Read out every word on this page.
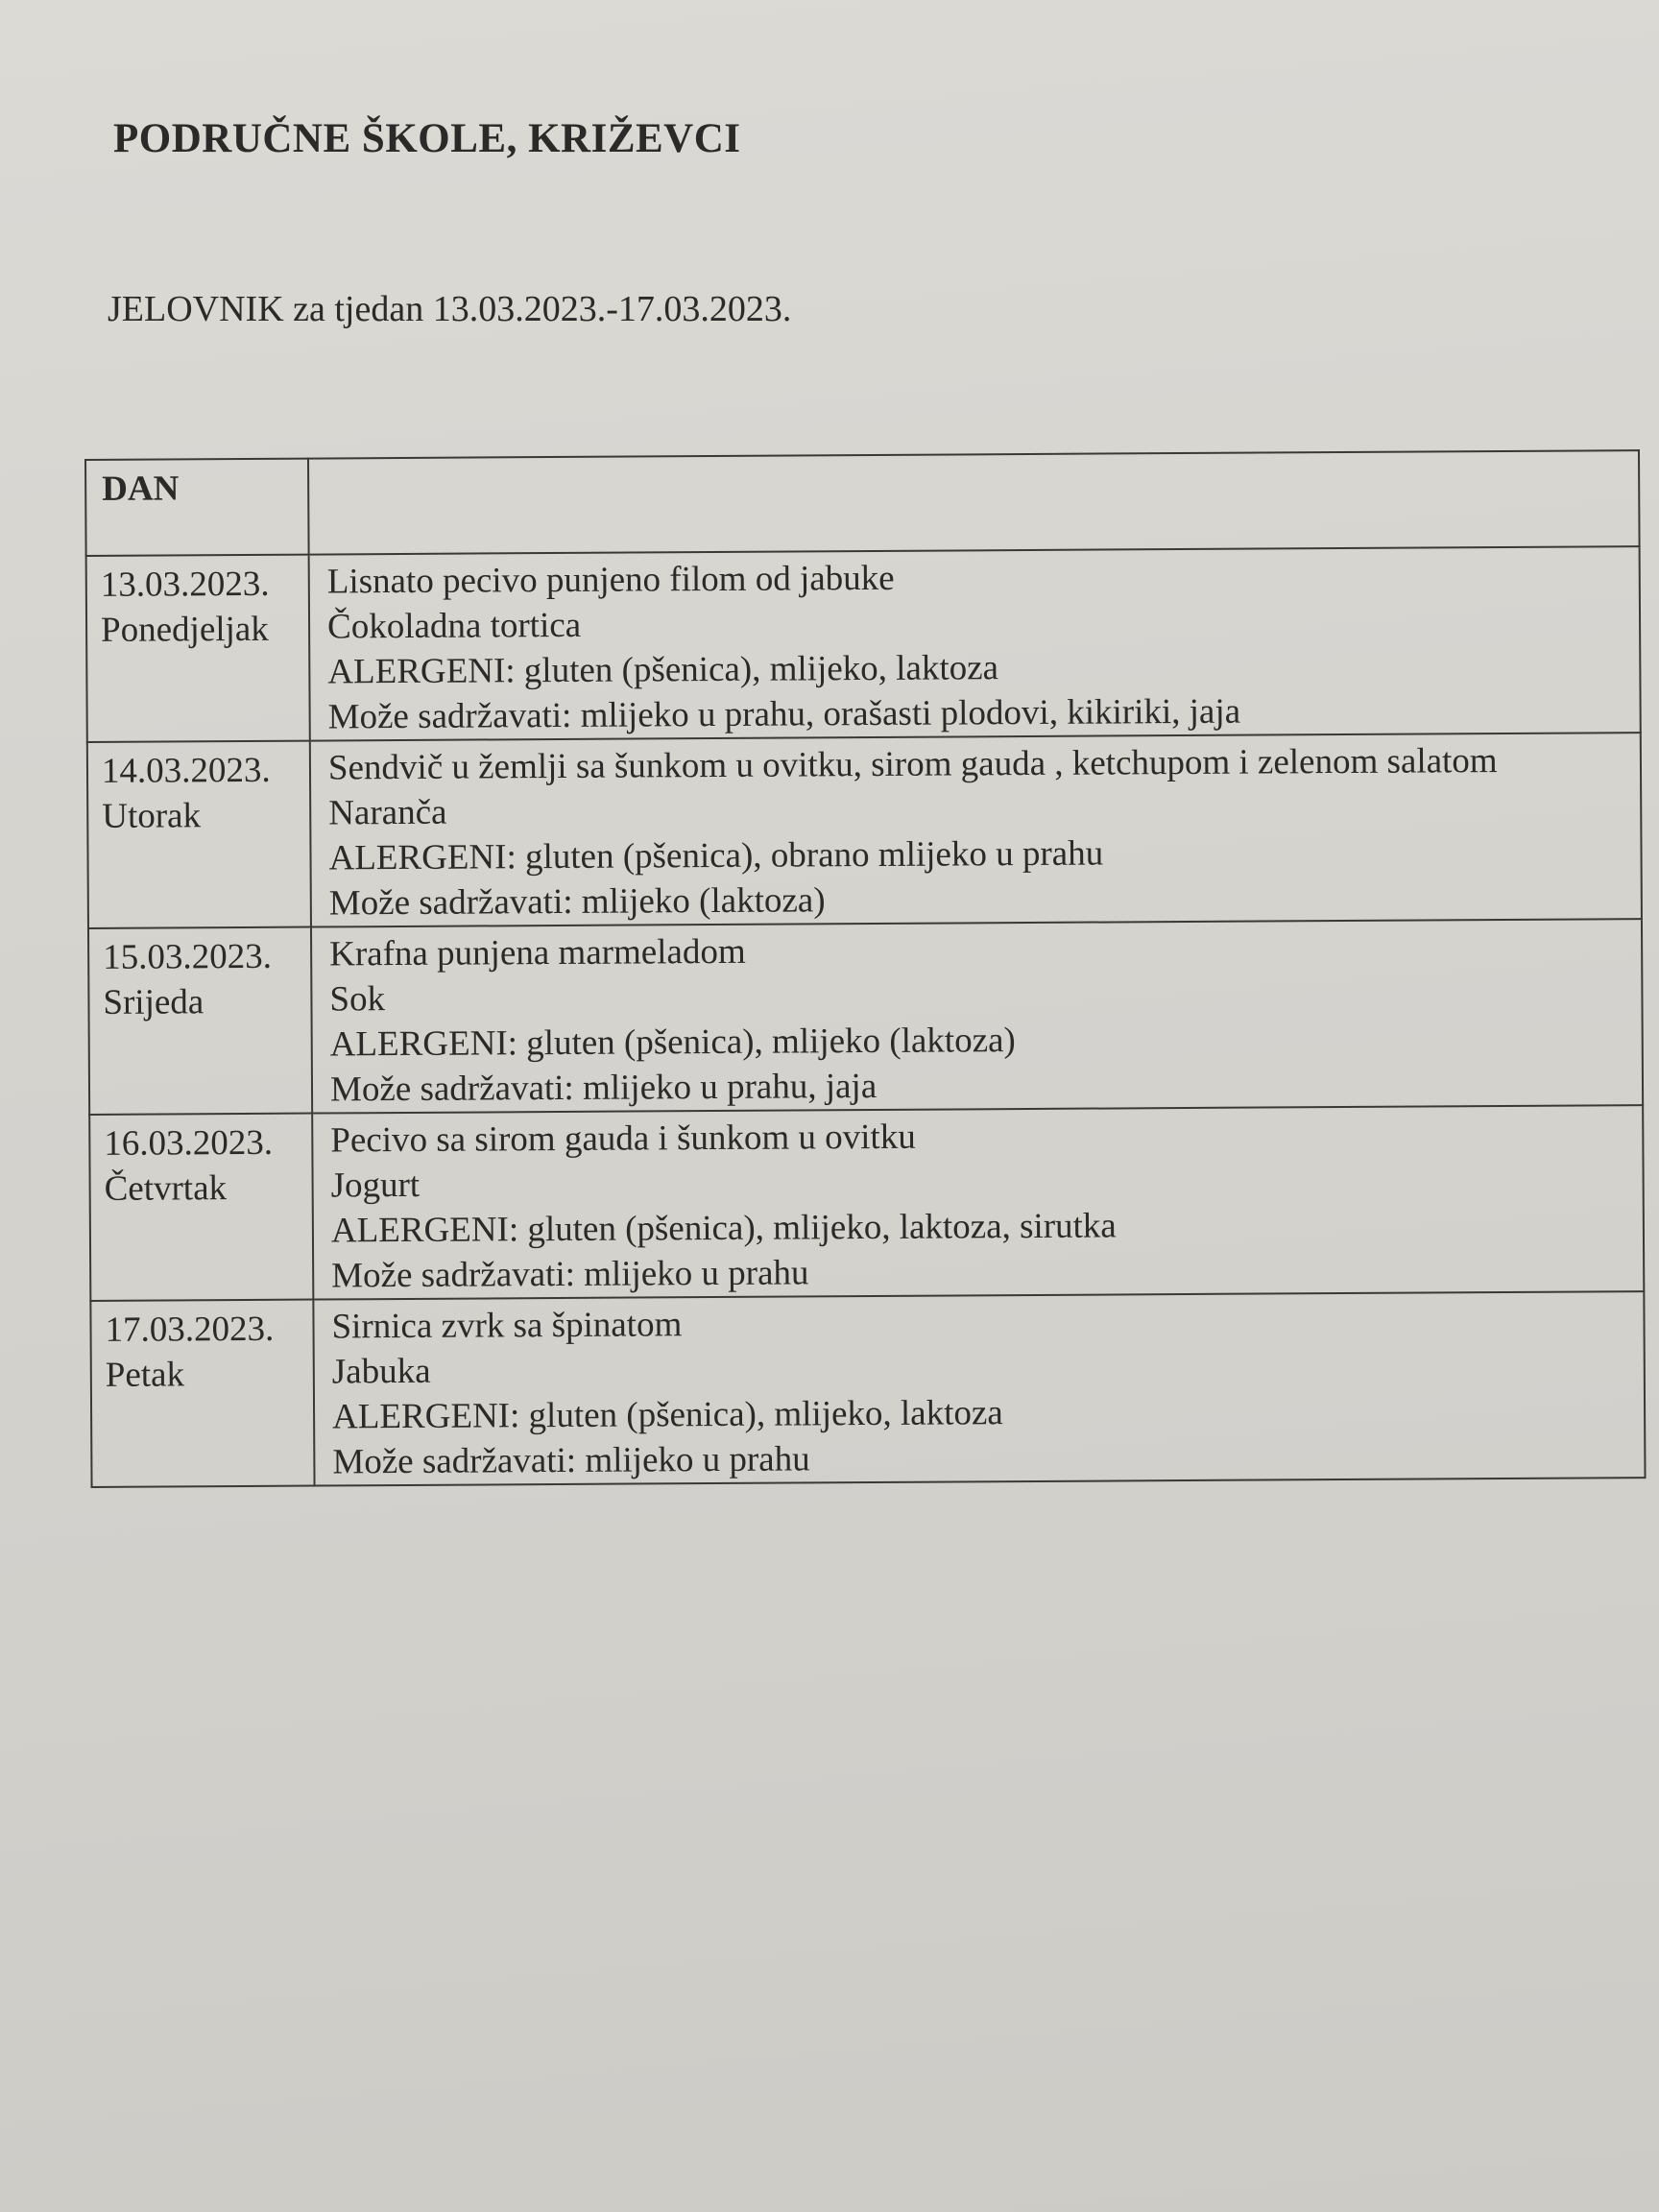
PODRUČNE ŠKOLE, KRIŽEVCI

JELOVNIK za tjedan 13.03.2023.-17.03.2023.

DAN	

13.03.2023.
Ponedjeljak	Lisnato pecivo punjeno filom od jabuke
Čokoladna tortica
ALERGENI: gluten (pšenica), mlijeko, laktoza
Može sadržavati: mlijeko u prahu, orašasti plodovi, kikiriki, jaja

14.03.2023.
Utorak	Sendvič u žemlji sa šunkom u ovitku, sirom gauda , ketchupom i zelenom salatom
Naranča
ALERGENI: gluten (pšenica), obrano mlijeko u prahu
Može sadržavati: mlijeko (laktoza)

15.03.2023.
Srijeda	Krafna punjena marmeladom
Sok
ALERGENI: gluten (pšenica), mlijeko (laktoza)
Može sadržavati: mlijeko u prahu, jaja

16.03.2023.
Četvrtak	Pecivo sa sirom gauda i šunkom u ovitku
Jogurt
ALERGENI: gluten (pšenica), mlijeko, laktoza, sirutka
Može sadržavati: mlijeko u prahu

17.03.2023.
Petak	Sirnica zvrk sa špinatom
Jabuka
ALERGENI: gluten (pšenica), mlijeko, laktoza
Može sadržavati: mlijeko u prahu
